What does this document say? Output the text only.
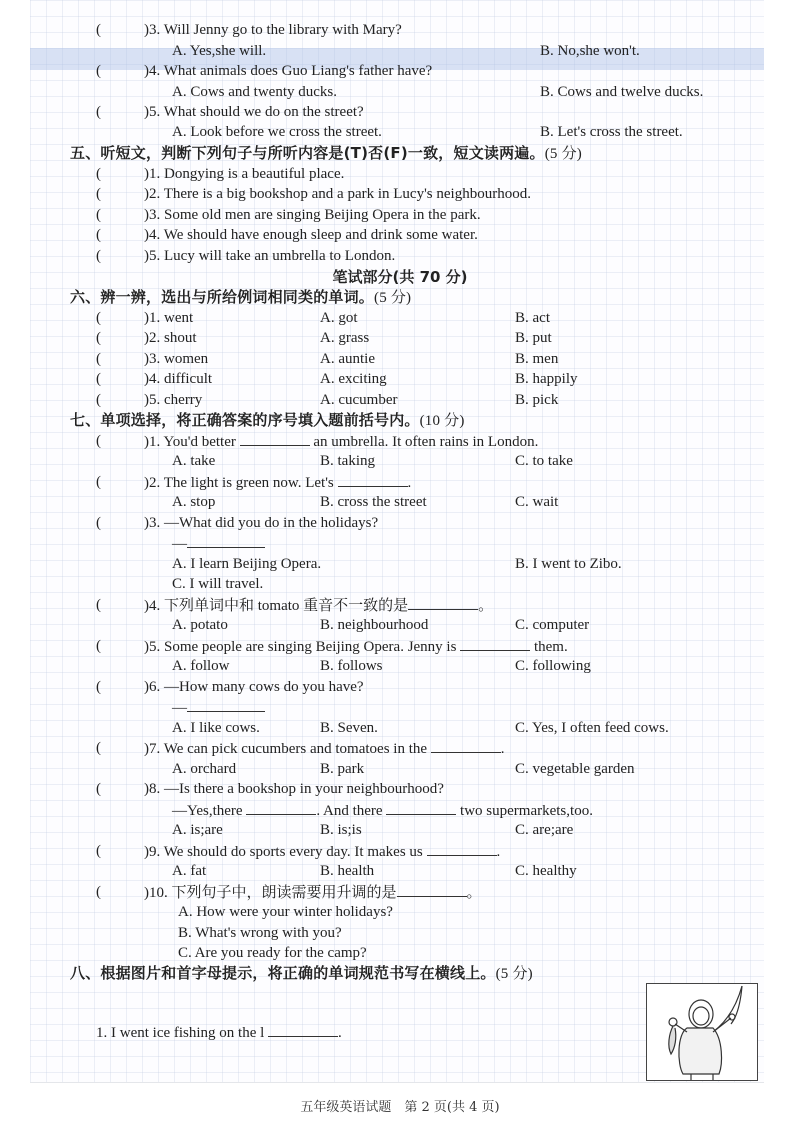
(	)3. Will Jenny go to the library with Mary?
A. Yes,she will.	B. No,she won't.
(	)4. What animals does Guo Liang's father have?
A. Cows and twenty ducks.	B. Cows and twelve ducks.
(	)5. What should we do on the street?
A. Look before we cross the street.	B. Let's cross the street.
五、听短文，判断下列句子与所听内容是(T)否(F)一致，短文读两遍。(5 分)
(	)1. Dongying is a beautiful place.
(	)2. There is a big bookshop and a park in Lucy's neighbourhood.
(	)3. Some old men are singing Beijing Opera in the park.
(	)4. We should have enough sleep and drink some water.
(	)5. Lucy will take an umbrella to London.
笔试部分(共 70 分)
六、辨一辨，选出与所给例词相同类的单词。(5 分)
(	)1. went	A. got	B. act
(	)2. shout	A. grass	B. put
(	)3. women	A. auntie	B. men
(	)4. difficult	A. exciting	B. happily
(	)5. cherry	A. cucumber	B. pick
七、单项选择，将正确答案的序号填入题前括号内。(10 分)
(	)1. You'd better	an umbrella. It often rains in London.
A. take	B. taking	C. to take
(	)2. The light is green now. Let's	.
A. stop	B. cross the street	C. wait
(	)3. —What did you do in the holidays?
—
A. I learn Beijing Opera.	B. I went to Zibo.
C. I will travel.
(	)4. 下列单词中和 tomato 重音不一致的是	。
A. potato	B. neighbourhood	C. computer
(	)5. Some people are singing Beijing Opera. Jenny is	them.
A. follow	B. follows	C. following
(	)6. —How many cows do you have?
—
A. I like cows.	B. Seven.	C. Yes, I often feed cows.
(	)7. We can pick cucumbers and tomatoes in the	.
A. orchard	B. park	C. vegetable garden
(	)8. —Is there a bookshop in your neighbourhood?
—Yes,there	. And there	two supermarkets,too.
A. is;are	B. is;is	C. are;are
(	)9. We should do sports every day. It makes us	.
A. fat	B. health	C. healthy
(	)10. 下列句子中，朗读需要用升调的是	。
A. How were your winter holidays?
B. What's wrong with you?
C. Are you ready for the camp?
八、根据图片和首字母提示，将正确的单词规范书写在横线上。(5 分)
1. I went ice fishing on the l	.
五年级英语试题　第 2 页(共 4 页)
